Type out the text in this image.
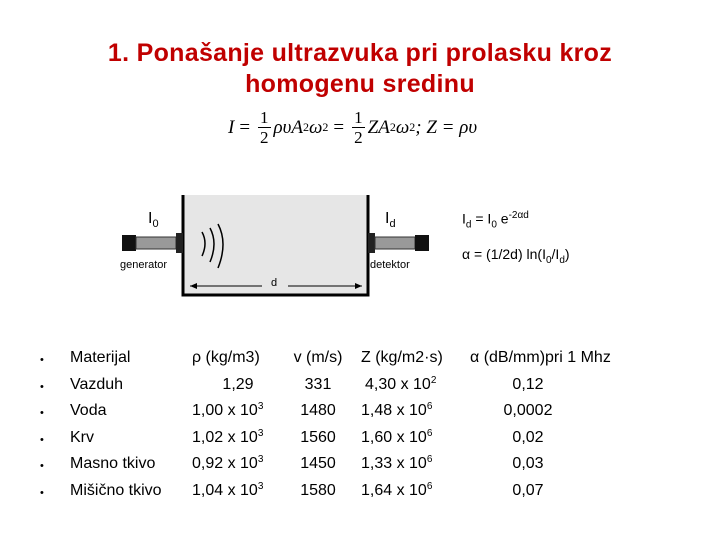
1. Ponašanje ultrazvuka pri prolasku kroz
homogenu sredinu
$I = \frac{1}{2}$ ρυ A 2 ω $2 = \frac{1}{2}$ Z A 2 ω 2 ; Z = ρυ
$I_0$	$I_d$
generator	detektor
d
$I_d = I_0$ $e^{-2\alpha d}$
α = (1/2d) $\ln(I_0/I_d)$
•
•
•
•
•
•
Materijal
Vazduh
Voda
Krv
Masno tkivo
Mišično tkivo
ρ (kg/m3)
1,29
1,00 x $10^3$
1,02 x $10^3$
0,92 x $10^3$
1,04 x $10^3$
v (m/s)
331
1480
1560
1450
1580
Z (kg/m2·s)
4,30 x $10^2$
1,48 x $10^6$
1,60 x $10^6$
1,33 x $10^6$
1,64 x $10^6$
α (dB/mm)pri 1 Mhz
0,12
0,0002
0,02
0,03
0,07
